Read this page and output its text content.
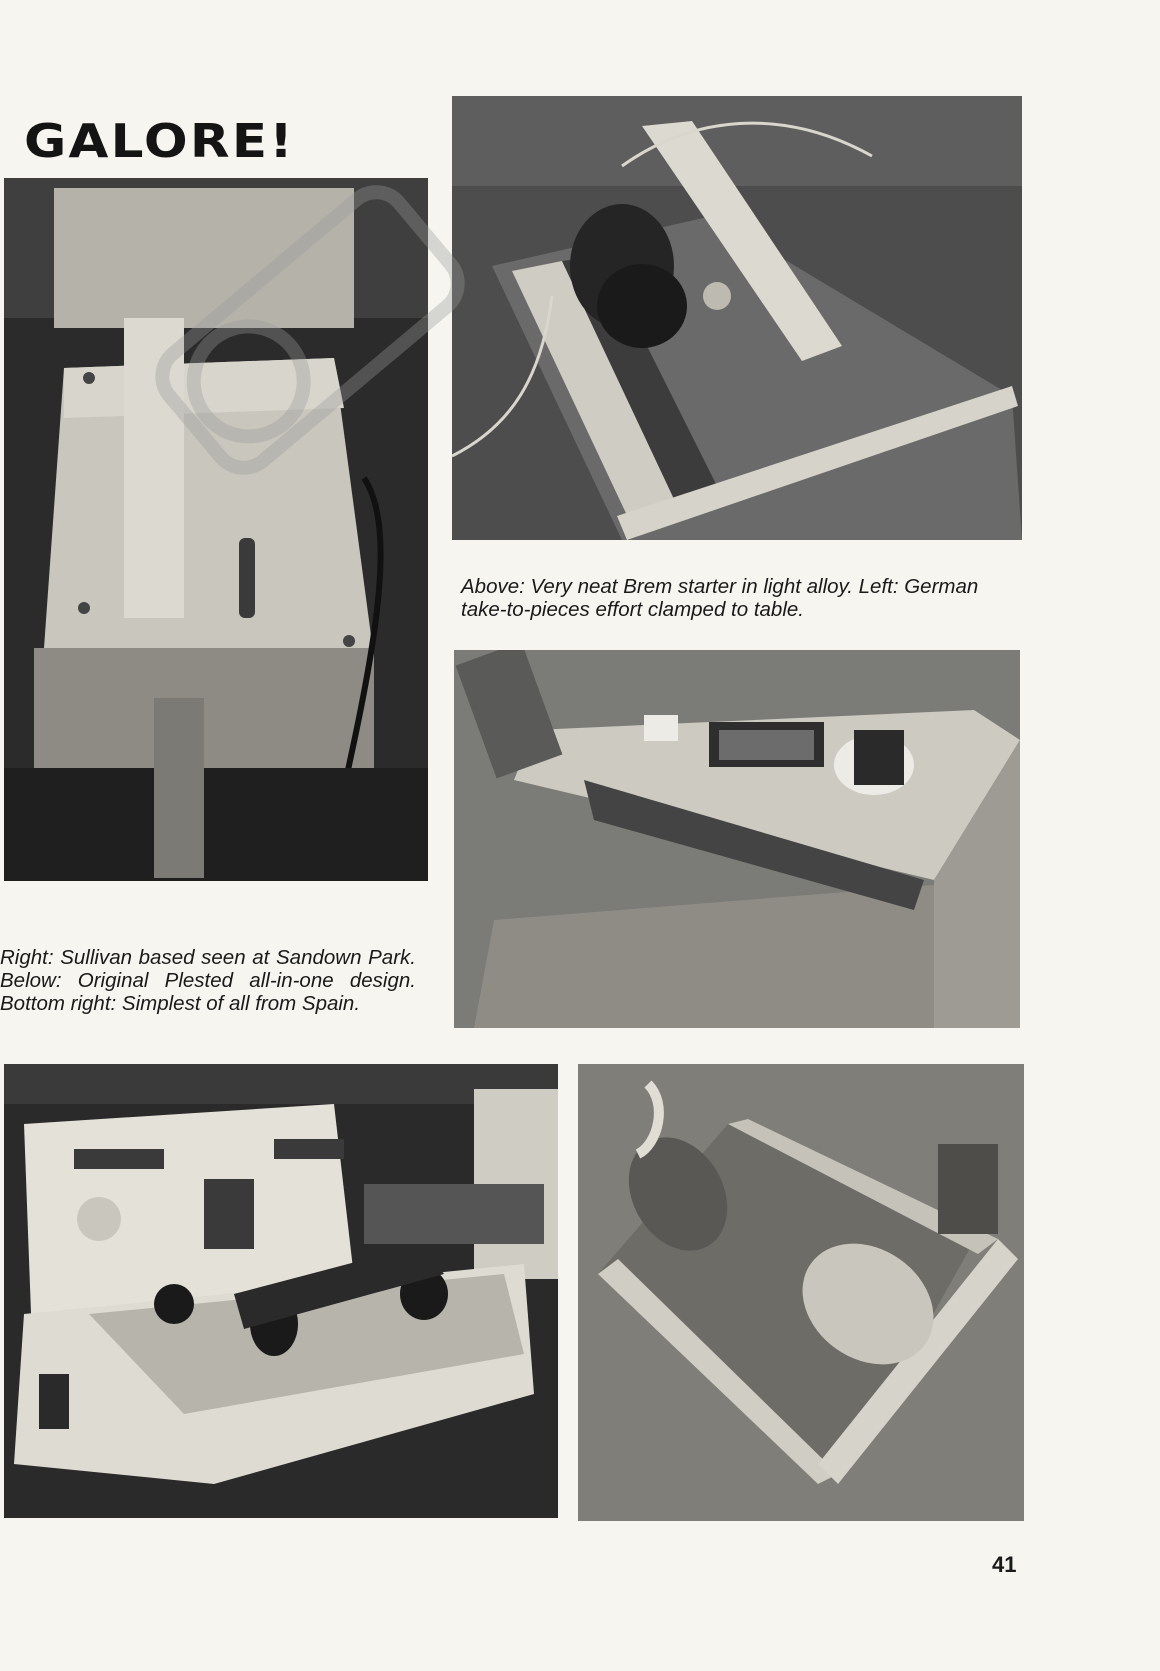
GALORE!
Above: Very neat Brem starter in light alloy. Left: German take-to-pieces effort clamped to table.
Right: Sullivan based seen at Sandown Park. Below: Original Plested all-in-one design. Bottom right: Simplest of all from Spain.
41
